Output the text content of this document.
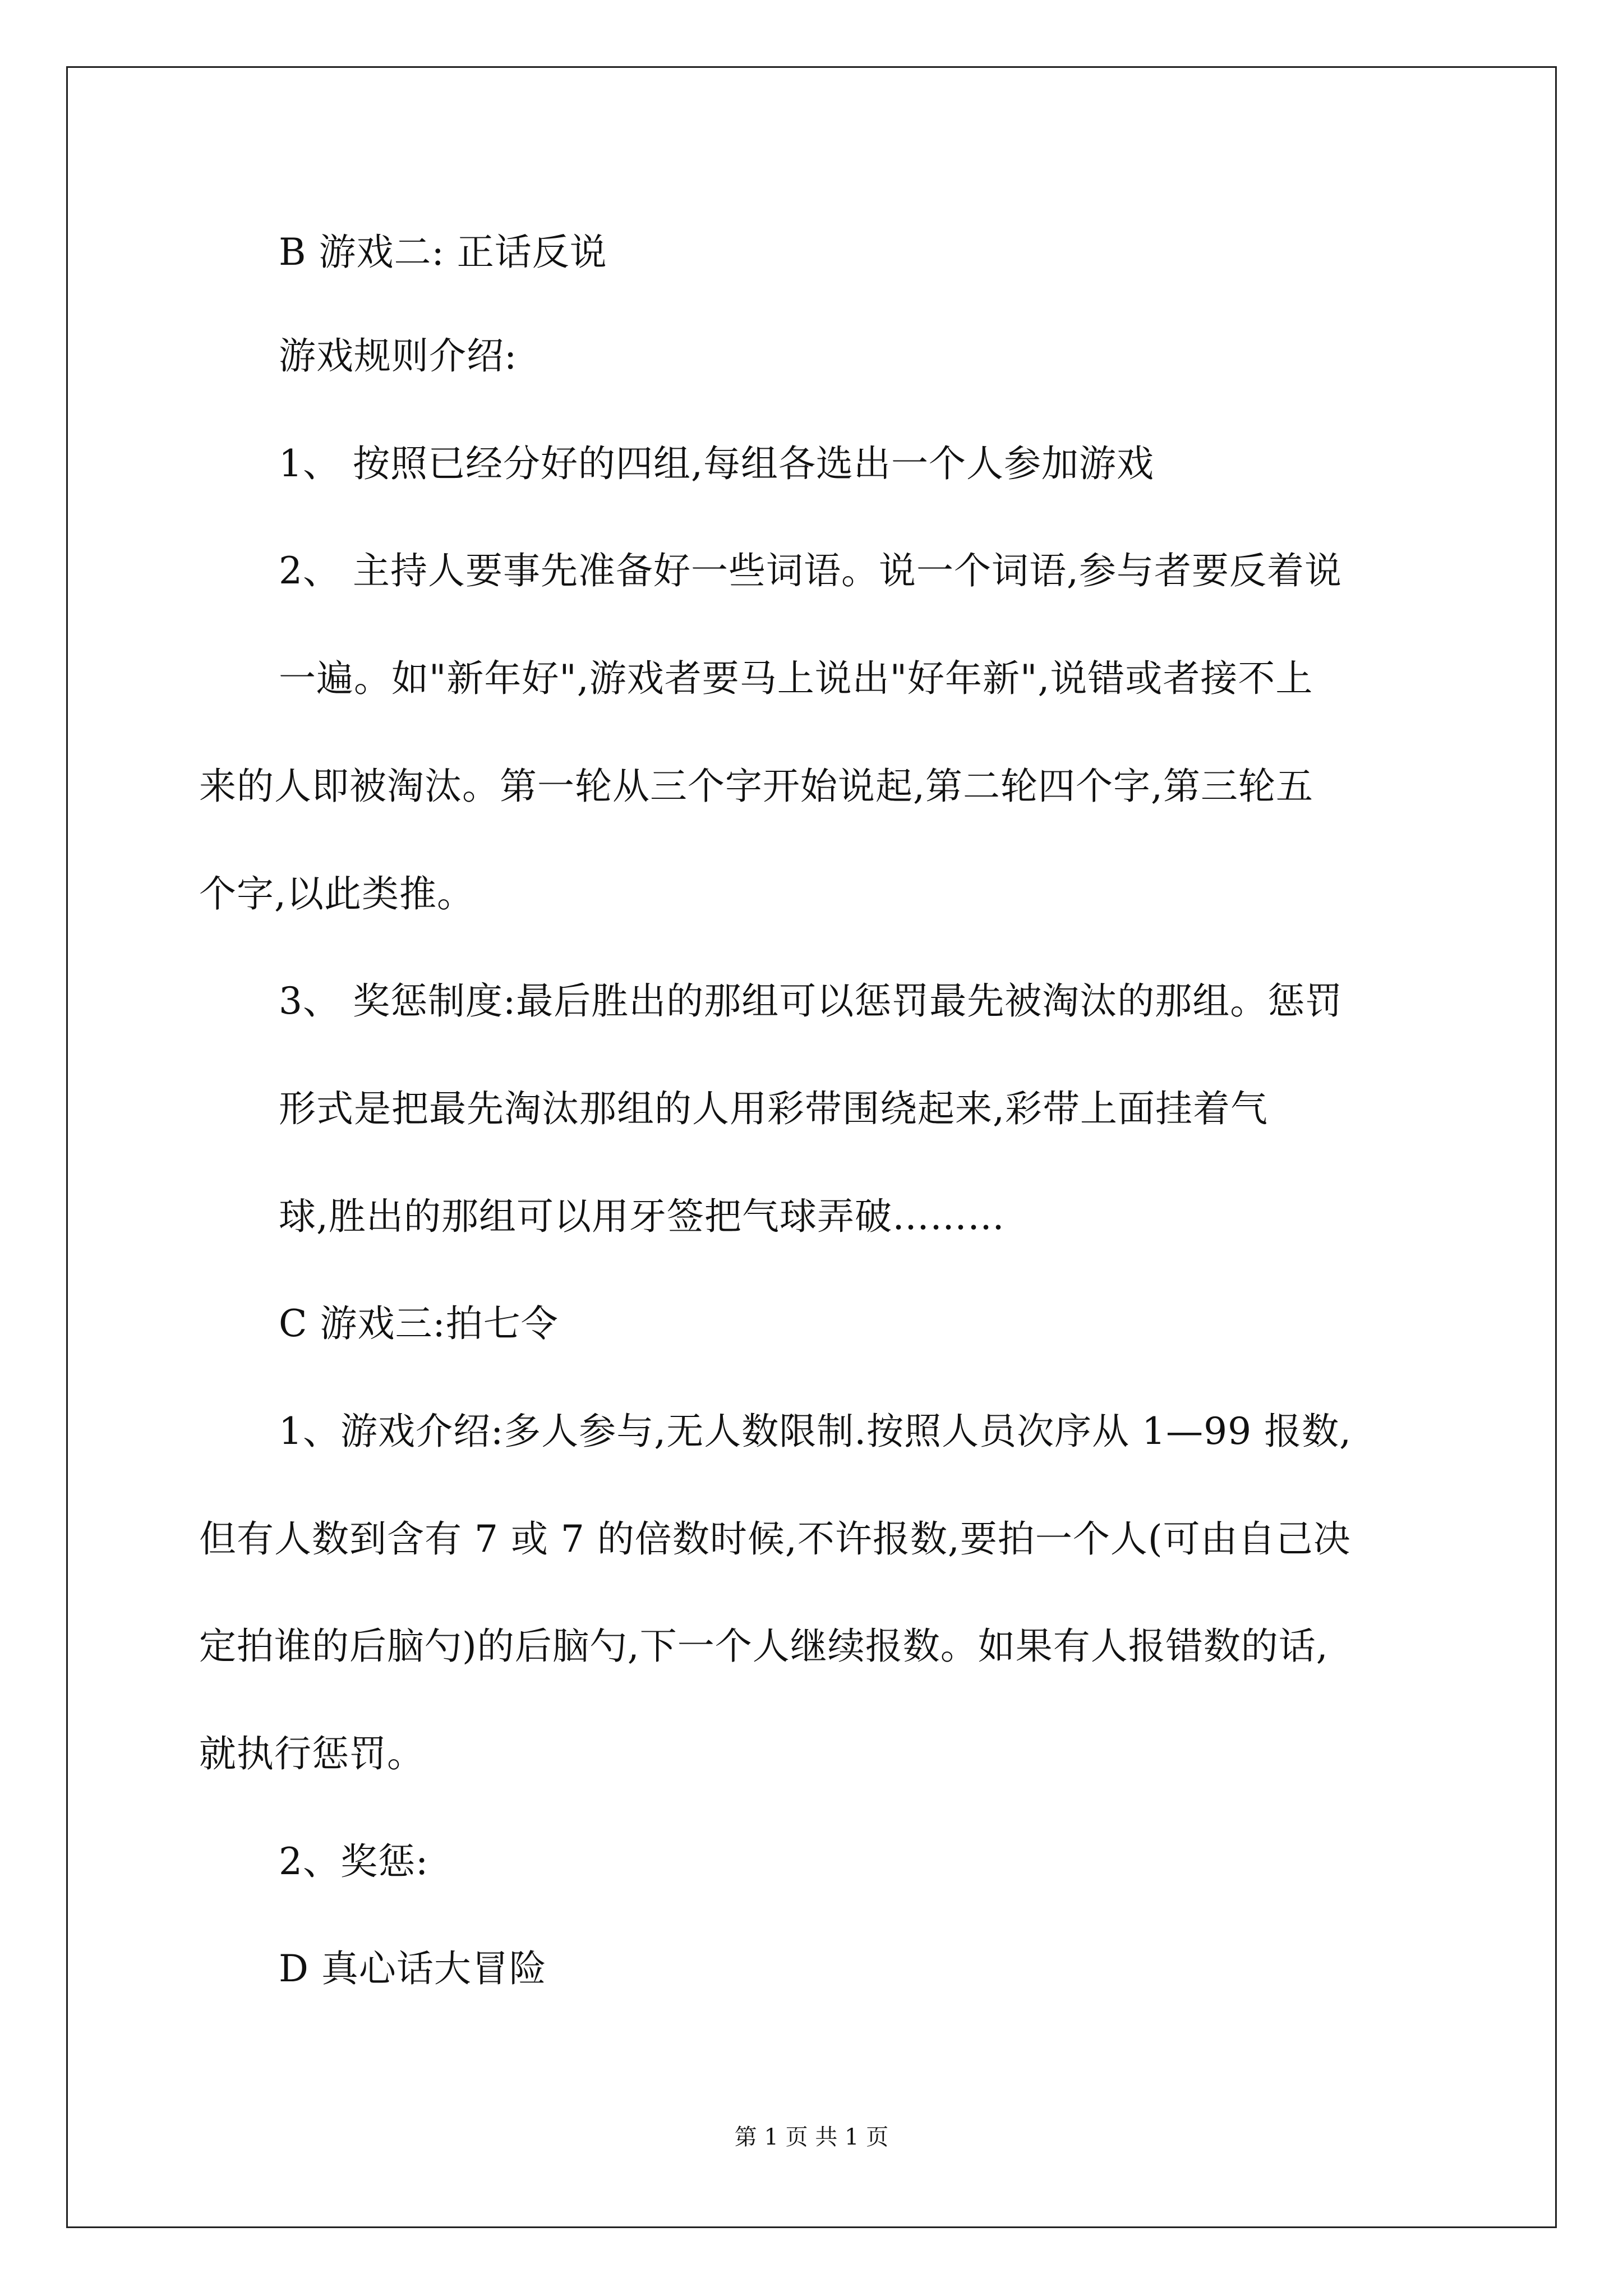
B 游戏二: 正话反说
游戏规则介绍:
1、 按照已经分好的四组,每组各选出一个人参加游戏
2、 主持人要事先准备好一些词语。说一个词语,参与者要反着说
一遍。如"新年好",游戏者要马上说出"好年新",说错或者接不上
来的人即被淘汰。第一轮从三个字开始说起,第二轮四个字,第三轮五
个字,以此类推。
3、 奖惩制度:最后胜出的那组可以惩罚最先被淘汰的那组。惩罚
形式是把最先淘汰那组的人用彩带围绕起来,彩带上面挂着气
球,胜出的那组可以用牙签把气球弄破………
C 游戏三:拍七令
1、游戏介绍:多人参与,无人数限制.按照人员次序从 1—99 报数,
但有人数到含有 7 或 7 的倍数时候,不许报数,要拍一个人(可由自己决
定拍谁的后脑勺)的后脑勺,下一个人继续报数。如果有人报错数的话,
就执行惩罚。
2、奖惩:
D 真心话大冒险
第 1 页 共 1 页
